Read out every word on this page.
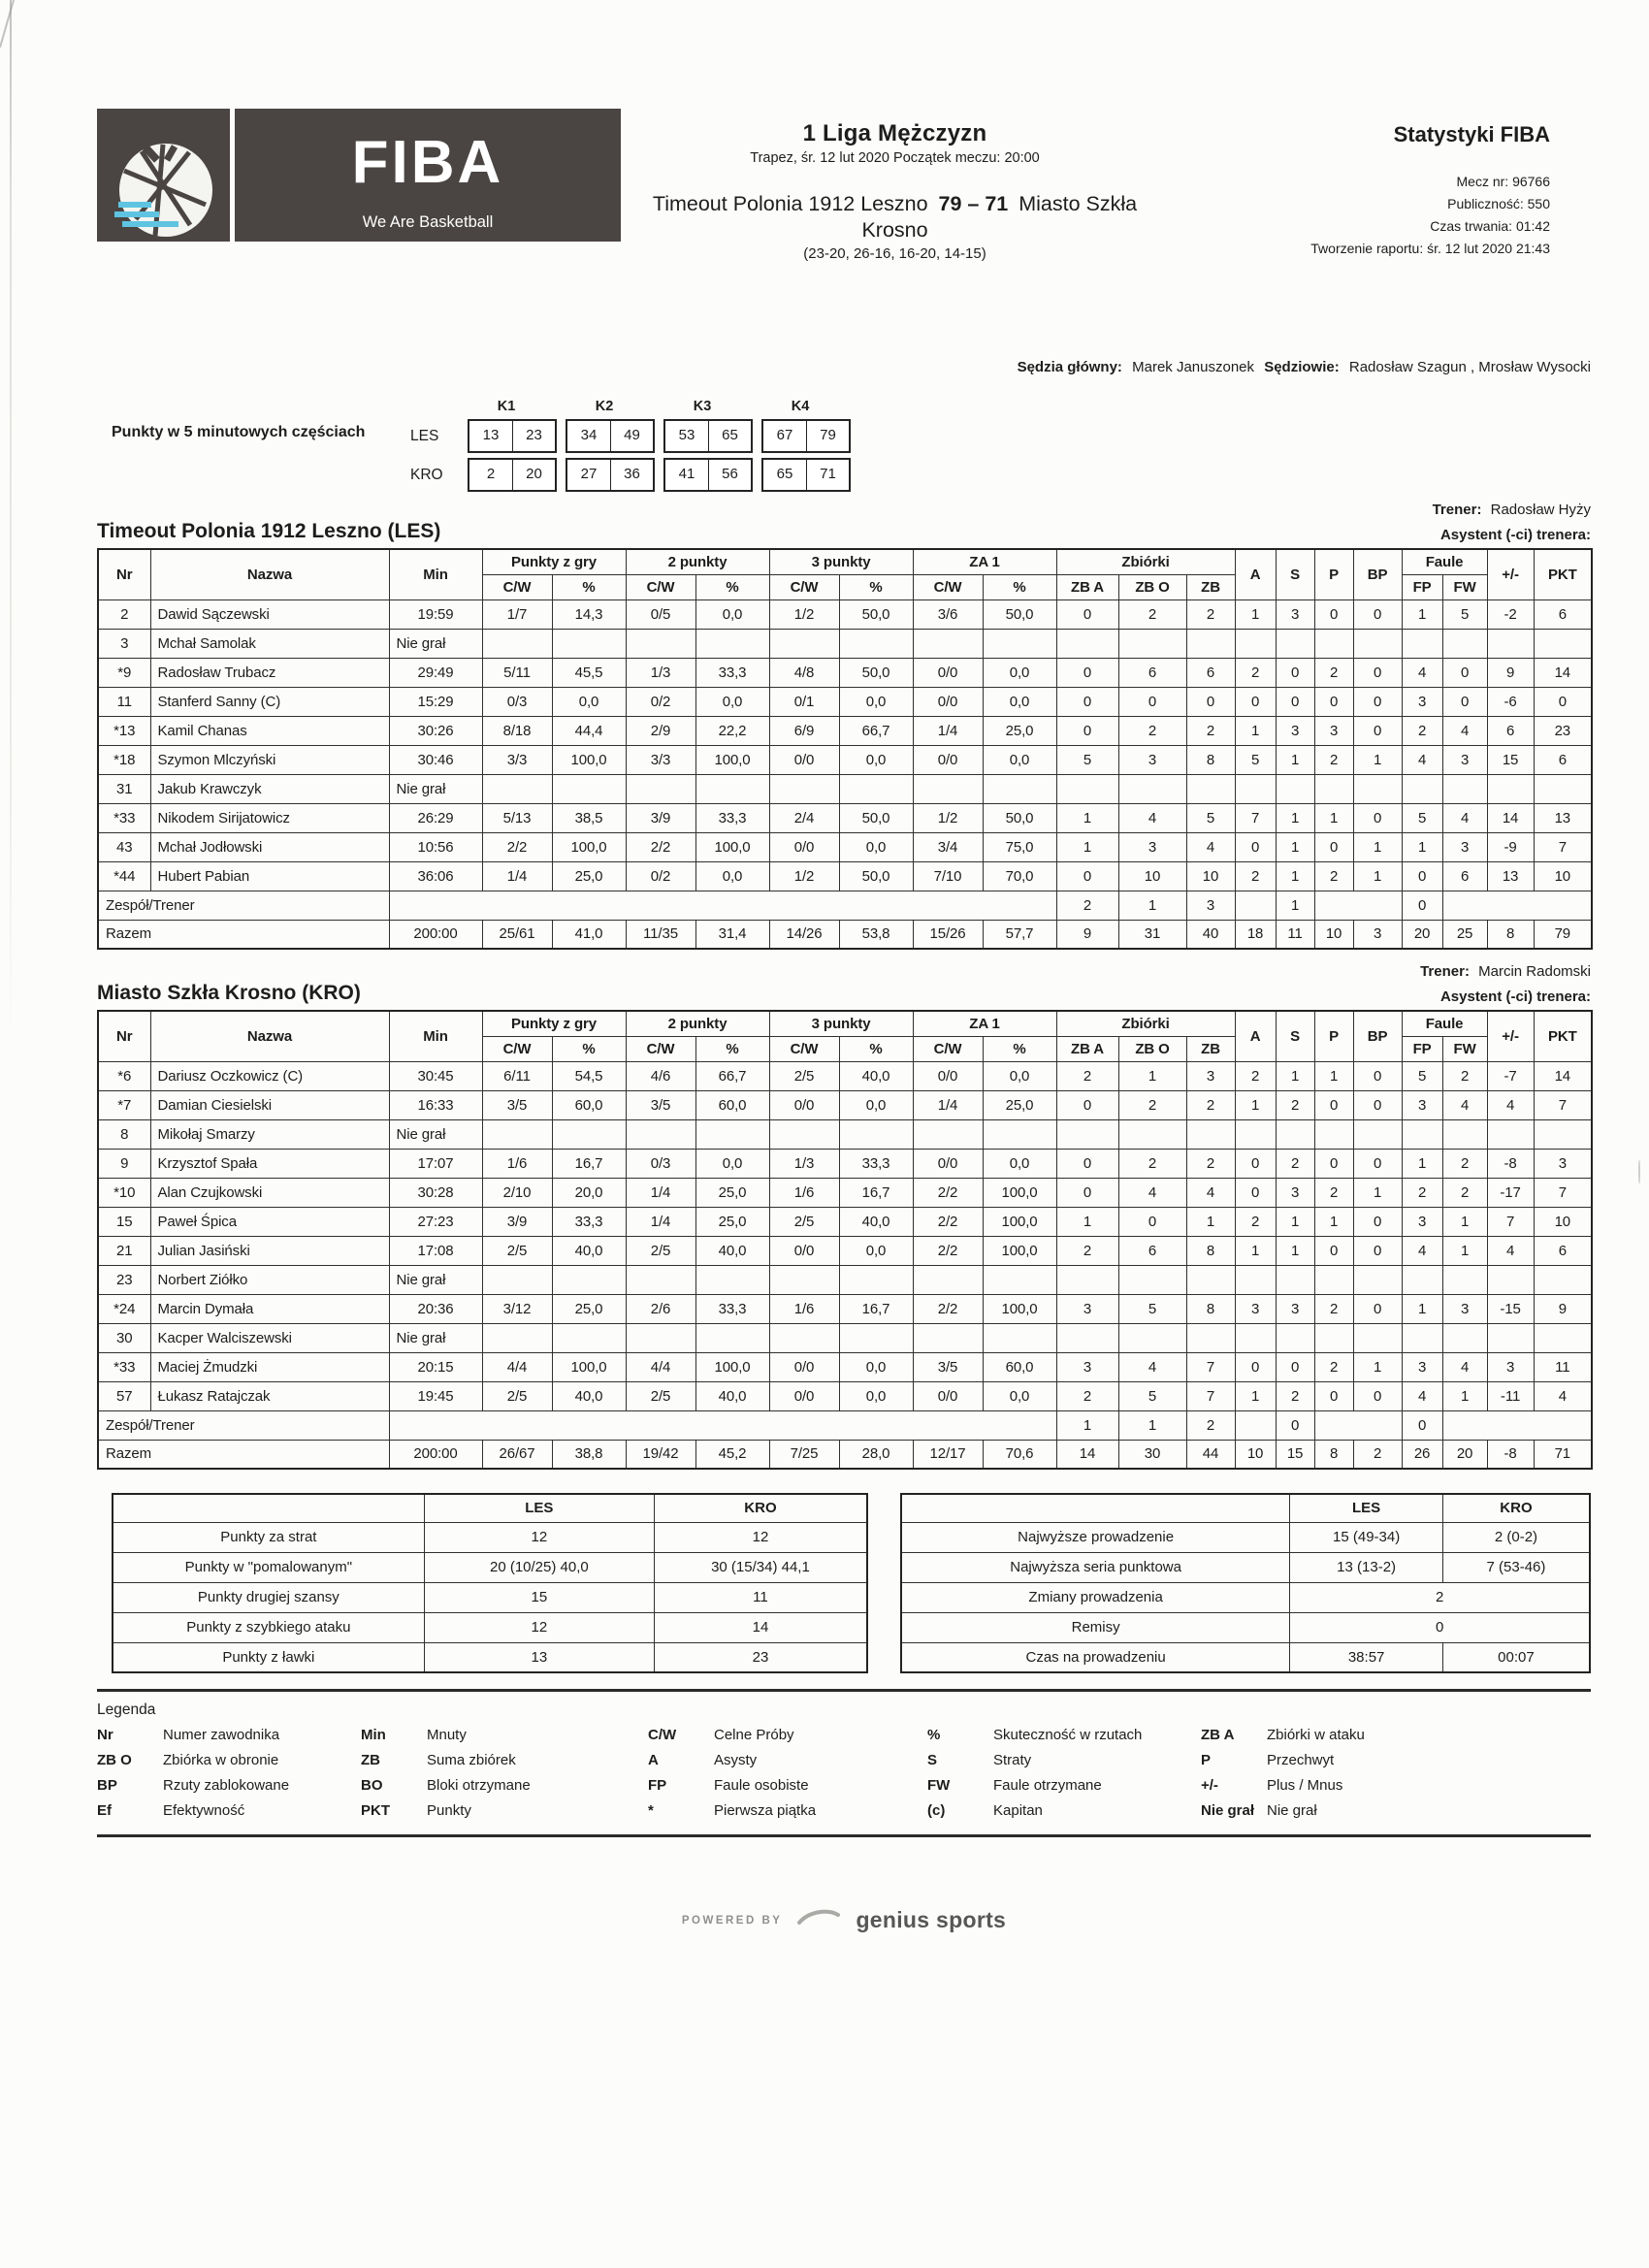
FIBA
We Are Basketball
1 Liga Mężczyzn
Trapez, śr. 12 lut 2020 Początek meczu: 20:00
Timeout Polonia 1912 Leszno 79 – 71 Miasto Szkła
Krosno
(23-20, 26-16, 16-20, 14-15)
Statystyki FIBA
Mecz nr: 96766
Publiczność: 550
Czas trwania: 01:42
Tworzenie raportu: śr. 12 lut 2020 21:43
Sędzia główny: Marek Januszonek Sędziowie: Radosław Szagun , Mrosław Wysocki
Punkty w 5 minutowych częściach
K1	K2	K3	K4
LES	13	23	34	49	53	65	67	79
KRO	2	20	27	36	41	56	65	71
Trener: Radosław Hyży
Timeout Polonia 1912 Leszno (LES)	Asystent (-ci) trenera:
Nr	Nazwa	Min	Punkty z gry		2 punkty		3 punkty		ZA 1		Zbiórki			A	S	P	BP	Faule		+/-	PKT
			C/W	%	C/W	%	C/W	%	C/W	%	ZB A	ZB O	ZB					FP	FW		
2	Dawid Sączewski	19:59	1/7	14,3	0/5	0,0	1/2	50,0	3/6	50,0	0	2	2	1	3	0	0	1	5	-2	6
3	Mchał Samolak	Nie grał																			
*9	Radosław Trubacz	29:49	5/11	45,5	1/3	33,3	4/8	50,0	0/0	0,0	0	6	6	2	0	2	0	4	0	9	14
11	Stanferd Sanny (C)	15:29	0/3	0,0	0/2	0,0	0/1	0,0	0/0	0,0	0	0	0	0	0	0	0	3	0	-6	0
*13	Kamil Chanas	30:26	8/18	44,4	2/9	22,2	6/9	66,7	1/4	25,0	0	2	2	1	3	3	0	2	4	6	23
*18	Szymon Mlczyński	30:46	3/3	100,0	3/3	100,0	0/0	0,0	0/0	0,0	5	3	8	5	1	2	1	4	3	15	6
31	Jakub Krawczyk	Nie grał																			
*33	Nikodem Sirijatowicz	26:29	5/13	38,5	3/9	33,3	2/4	50,0	1/2	50,0	1	4	5	7	1	1	0	5	4	14	13
43	Mchał Jodłowski	10:56	2/2	100,0	2/2	100,0	0/0	0,0	3/4	75,0	1	3	4	0	1	0	1	1	3	-9	7
*44	Hubert Pabian	36:06	1/4	25,0	0/2	0,0	1/2	50,0	7/10	70,0	0	10	10	2	1	2	1	0	6	13	10
Zespół/Trener											2	1	3		1			0			
Razem		200:00	25/61	41,0	11/35	31,4	14/26	53,8	15/26	57,7	9	31	40	18	11	10	3	20	25	8	79
Trener: Marcin Radomski
Miasto Szkła Krosno (KRO)	Asystent (-ci) trenera:
Nr	Nazwa	Min	Punkty z gry		2 punkty		3 punkty		ZA 1		Zbiórki			A	S	P	BP	Faule		+/-	PKT
			C/W	%	C/W	%	C/W	%	C/W	%	ZB A	ZB O	ZB					FP	FW		
*6	Dariusz Oczkowicz (C)	30:45	6/11	54,5	4/6	66,7	2/5	40,0	0/0	0,0	2	1	3	2	1	1	0	5	2	-7	14
*7	Damian Ciesielski	16:33	3/5	60,0	3/5	60,0	0/0	0,0	1/4	25,0	0	2	2	1	2	0	0	3	4	4	7
8	Mikołaj Smarzy	Nie grał																			
9	Krzysztof Spała	17:07	1/6	16,7	0/3	0,0	1/3	33,3	0/0	0,0	0	2	2	0	2	0	0	1	2	-8	3
*10	Alan Czujkowski	30:28	2/10	20,0	1/4	25,0	1/6	16,7	2/2	100,0	0	4	4	0	3	2	1	2	2	-17	7
15	Paweł Śpica	27:23	3/9	33,3	1/4	25,0	2/5	40,0	2/2	100,0	1	0	1	2	1	1	0	3	1	7	10
21	Julian Jasiński	17:08	2/5	40,0	2/5	40,0	0/0	0,0	2/2	100,0	2	6	8	1	1	0	0	4	1	4	6
23	Norbert Ziółko	Nie grał																			
*24	Marcin Dymała	20:36	3/12	25,0	2/6	33,3	1/6	16,7	2/2	100,0	3	5	8	3	3	2	0	1	3	-15	9
30	Kacper Walciszewski	Nie grał																			
*33	Maciej Żmudzki	20:15	4/4	100,0	4/4	100,0	0/0	0,0	3/5	60,0	3	4	7	0	0	2	1	3	4	3	11
57	Łukasz Ratajczak	19:45	2/5	40,0	2/5	40,0	0/0	0,0	0/0	0,0	2	5	7	1	2	0	0	4	1	-11	4
Zespół/Trener											1	1	2		0			0			
Razem		200:00	26/67	38,8	19/42	45,2	7/25	28,0	12/17	70,6	14	30	44	10	15	8	2	26	20	-8	71
	LES	KRO
Punkty za strat	12	12
Punkty w "pomalowanym"	20 (10/25) 40,0	30 (15/34) 44,1
Punkty drugiej szansy	15	11
Punkty z szybkiego ataku	12	14
Punkty z ławki	13	23
	LES	KRO
Najwyższe prowadzenie	15 (49-34)	2 (0-2)
Najwyższa seria punktowa	13 (13-2)	7 (53-46)
Zmiany prowadzenia	2	
Remisy	0	
Czas na prowadzeniu	38:57	00:07
Legenda
Nr	Numer zawodnika	Min	Mnuty	C/W	Celne Próby	%	Skuteczność w rzutach	ZB A Zbiórki w ataku
ZB O Zbiórka w obronie	ZB	Suma zbiórek	A	Asysty	S	Straty	P	Przechwyt
BP	Rzuty zablokowane	BO	Bloki otrzymane	FP	Faule osobiste	FW	Faule otrzymane	+/-	Plus / Mnus
Ef	Efektywność	PKT	Punkty	*	Pierwsza piątka	(c)	Kapitan	Nie grał Nie grał
POWERED BY	genius sports
